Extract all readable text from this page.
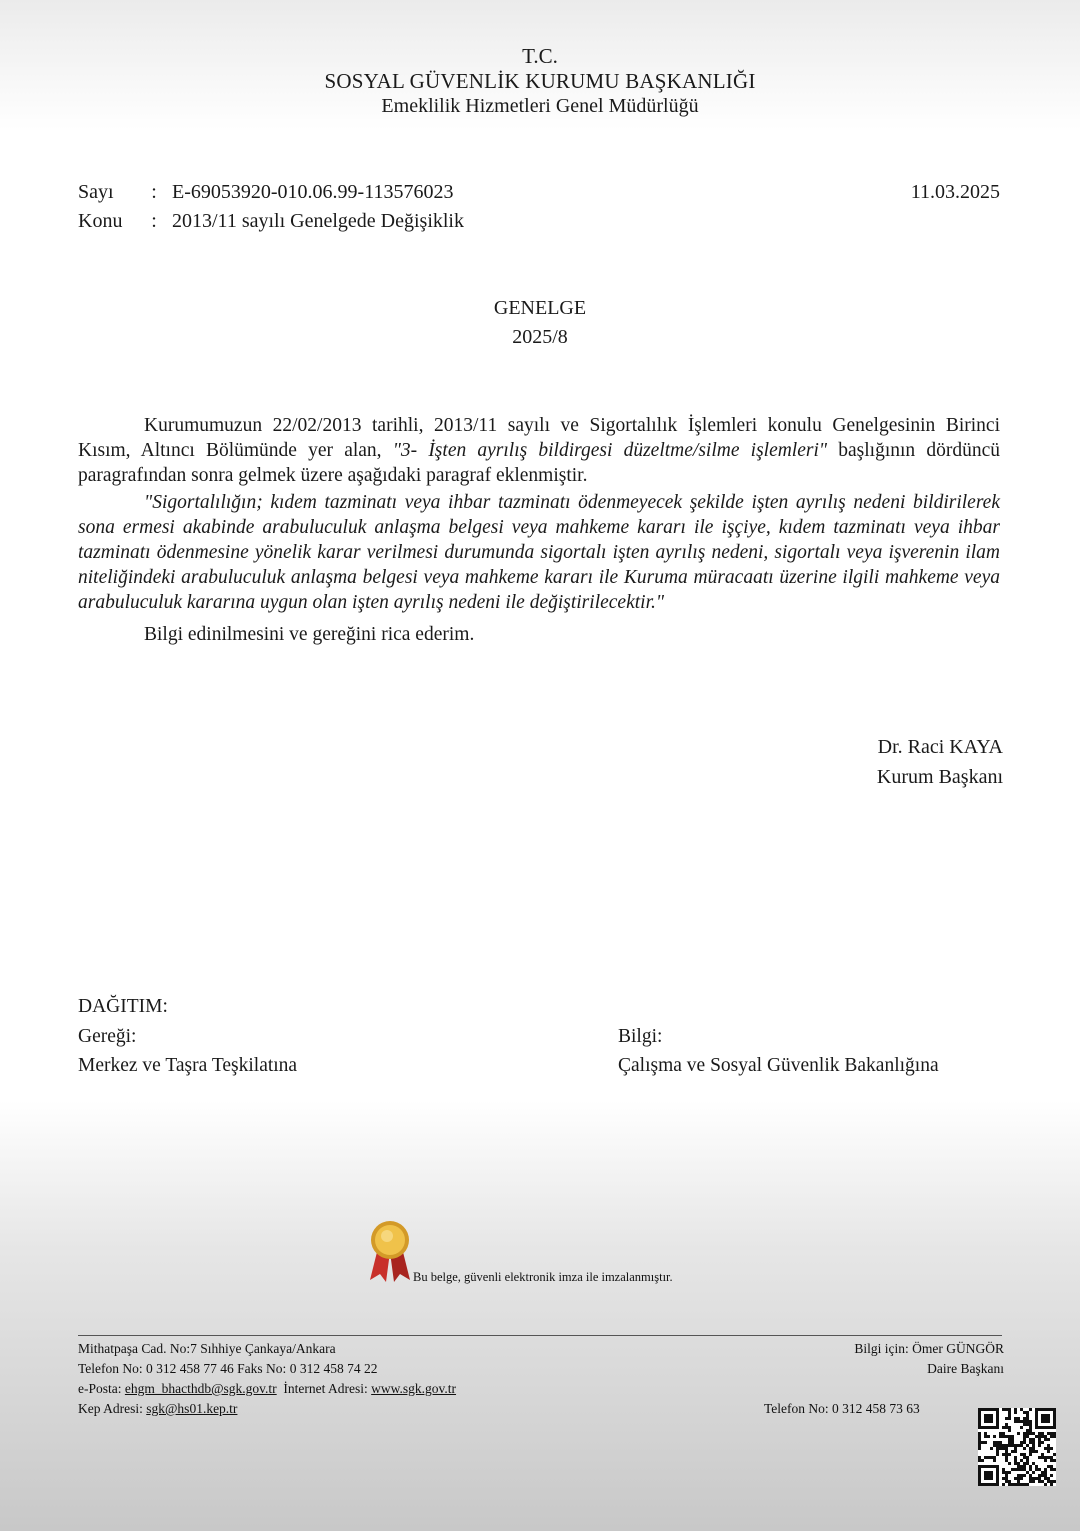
T.C.
SOSYAL GÜVENLİK KURUMU BAŞKANLIĞI
Emeklilik Hizmetleri Genel Müdürlüğü
Sayı : E-69053920-010.06.99-113576023
Konu : 2013/11 sayılı Genelgede Değişiklik
11.03.2025
GENELGE
2025/8

Kurumumuzun 22/02/2013 tarihli, 2013/11 sayılı ve Sigortalılık İşlemleri konulu Genelgesinin Birinci Kısım, Altıncı Bölümünde yer alan, "3- İşten ayrılış bildirgesi düzeltme/silme işlemleri" başlığının dördüncü paragrafından sonra gelmek üzere aşağıdaki paragraf eklenmiştir.

"Sigortalılığın; kıdem tazminatı veya ihbar tazminatı ödenmeyecek şekilde işten ayrılış nedeni bildirilerek sona ermesi akabinde arabuluculuk anlaşma belgesi veya mahkeme kararı ile işçiye, kıdem tazminatı veya ihbar tazminatı ödenmesine yönelik karar verilmesi durumunda sigortalı işten ayrılış nedeni, sigortalı veya işverenin ilam niteliğindeki arabuluculuk anlaşma belgesi veya mahkeme kararı ile Kuruma müracaatı üzerine ilgili mahkeme veya arabuluculuk kararına uygun olan işten ayrılış nedeni ile değiştirilecektir."

Bilgi edinilmesini ve gereğini rica ederim.

Dr. Raci KAYA
Kurum Başkanı
DAĞITIM:
Gereği:
Merkez ve Taşra Teşkilatına
Bilgi:
Çalışma ve Sosyal Güvenlik Bakanlığına
Bu belge, güvenli elektronik imza ile imzalanmıştır.
Mithatpaşa Cad. No:7 Sıhhiye Çankaya/Ankara
Telefon No: 0 312 458 77 46 Faks No: 0 312 458 74 22
e-Posta: ehgm_bhacthdb@sgk.gov.tr İnternet Adresi: www.sgk.gov.tr
Kep Adresi: sgk@hs01.kep.tr
Bilgi için: Ömer GÜNGÖR
Daire Başkanı
Telefon No: 0 312 458 73 63
